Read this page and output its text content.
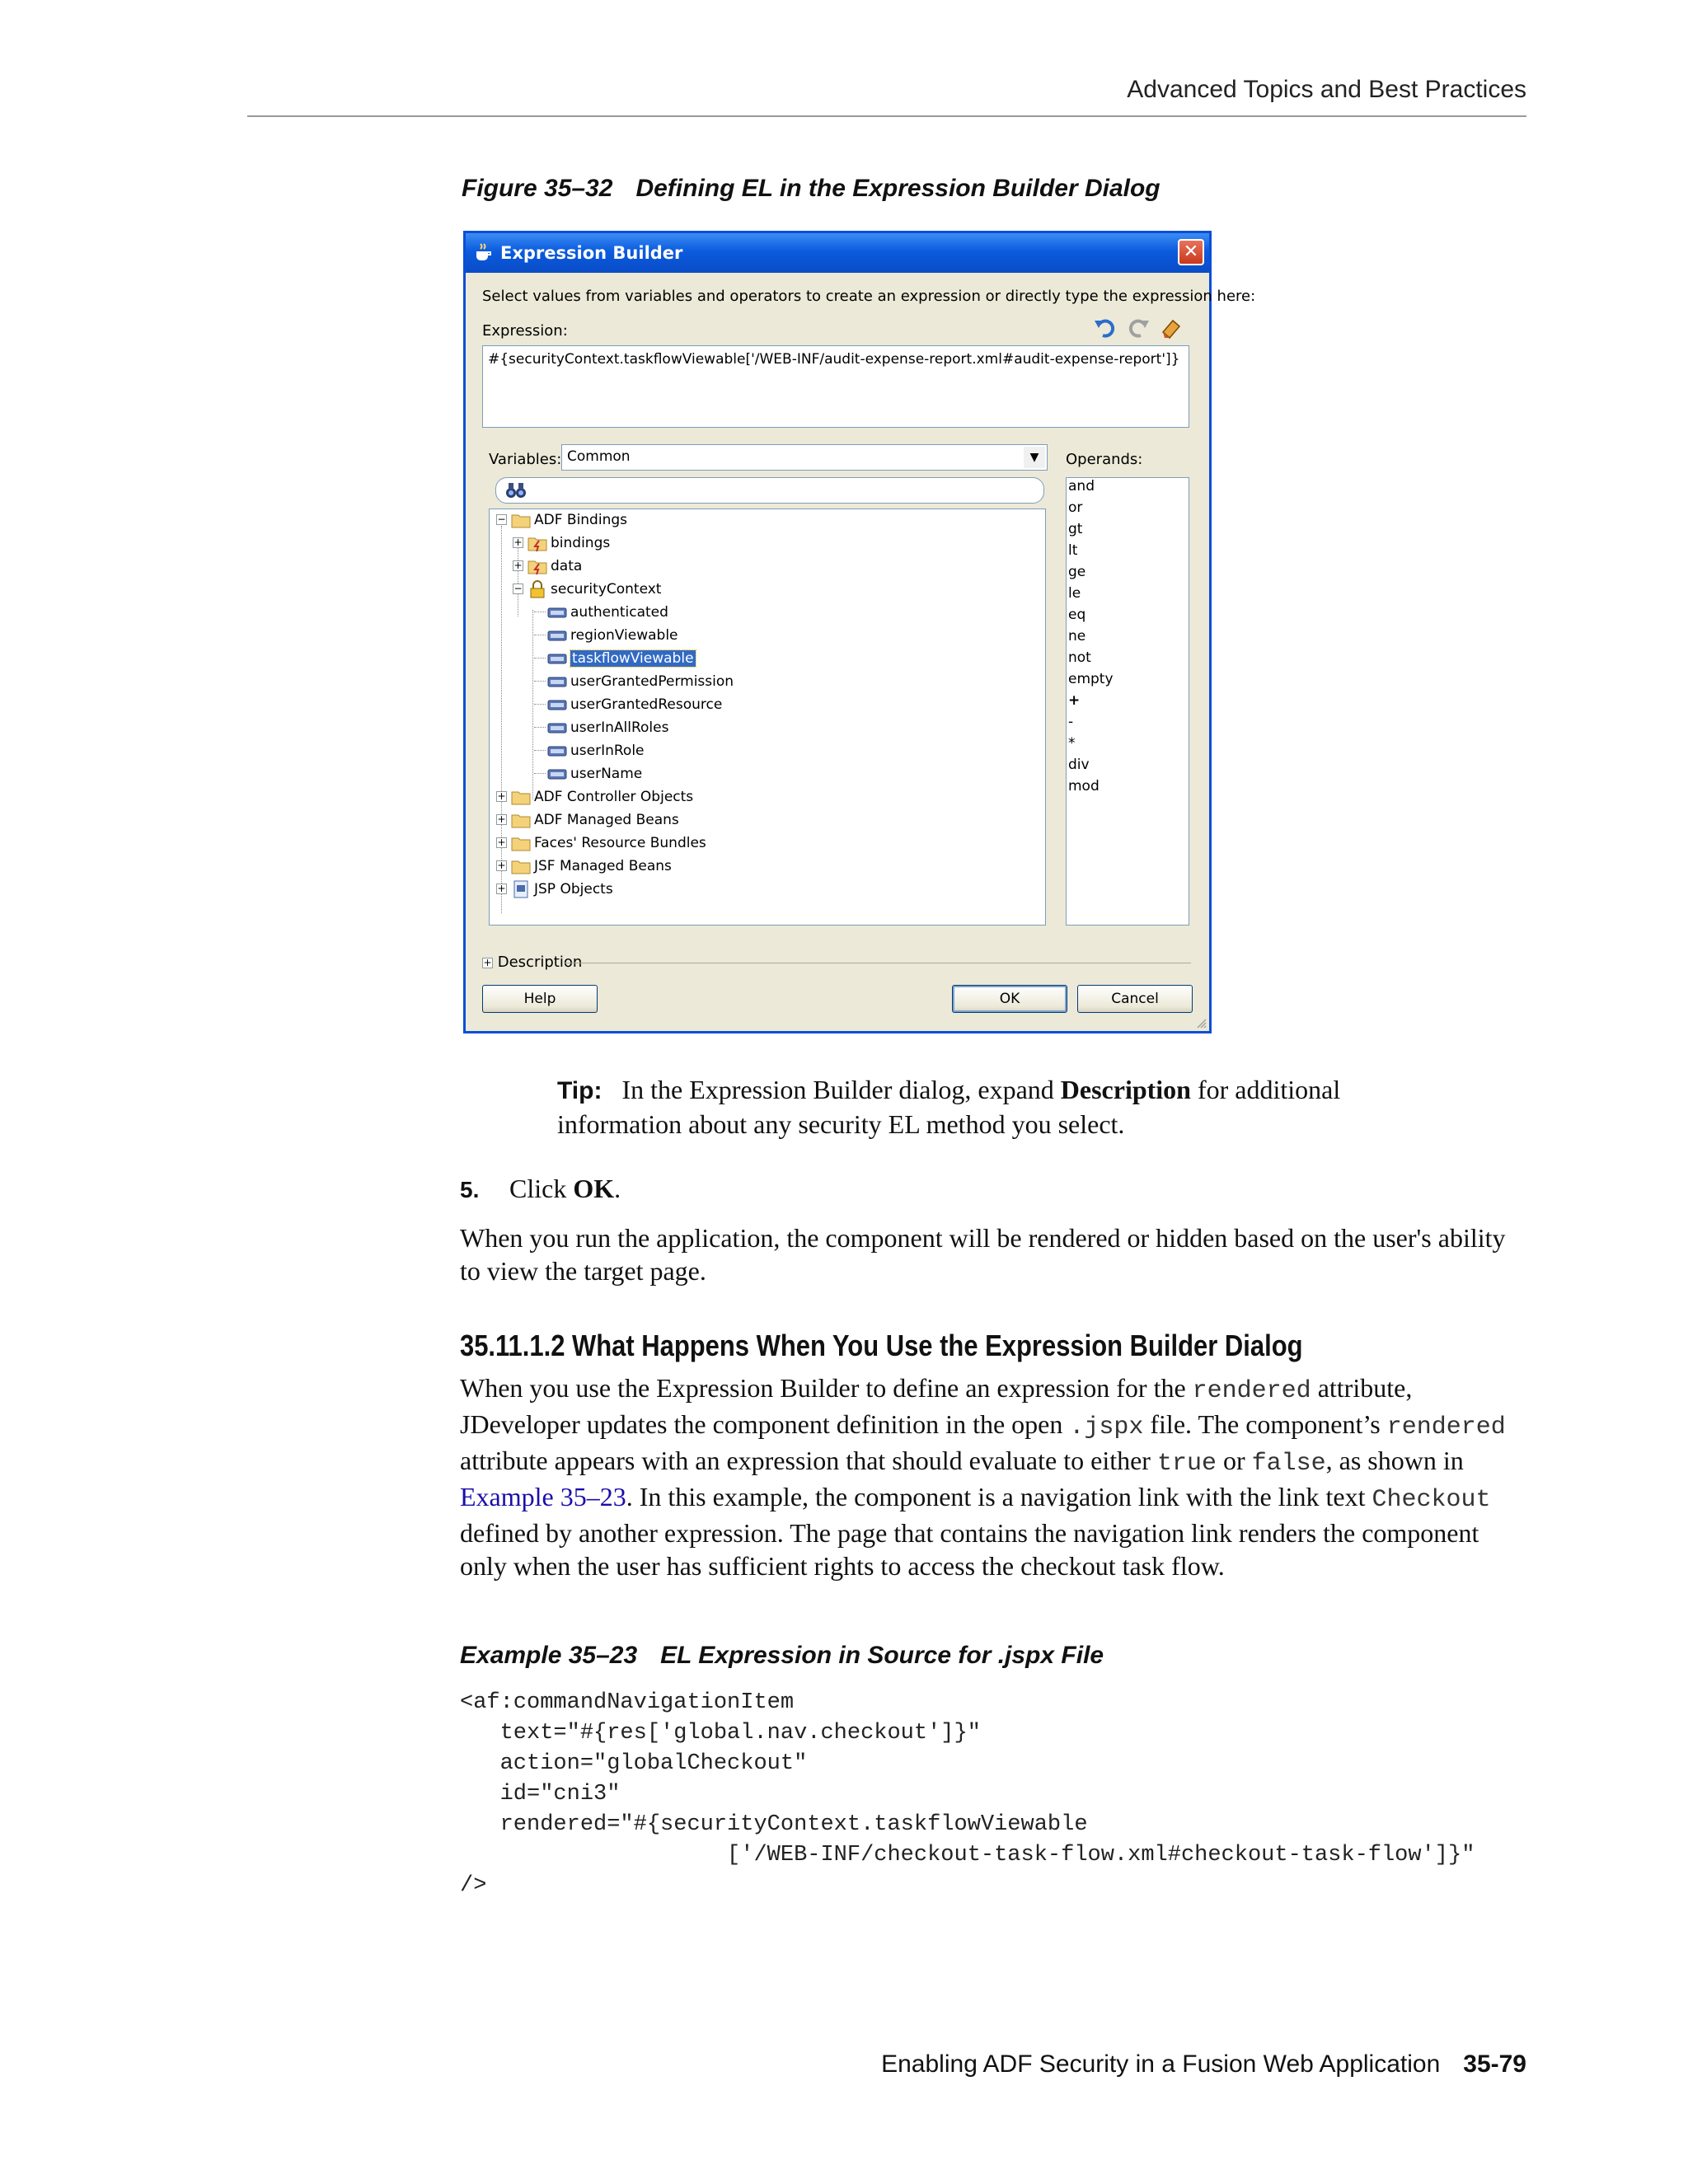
Advanced Topics and Best Practices
Figure 35–32 Defining EL in the Expression Builder Dialog
Expression Builder	✕
Select values from variables and operators to create an expression or directly type the expression here:
Expression:
#{securityContext.taskflowViewable['/WEB-INF/audit-expense-report.xml#audit-expense-report']}
Variables: Common	▼	Operands:
− ADF Bindings
+ bindings
+ data
− securityContext
authenticated
regionViewable
taskflowViewable
userGrantedPermission
userGrantedResource
userInAllRoles
userInRole
userName
+ ADF Controller Objects
+ ADF Managed Beans
+ Faces' Resource Bundles
+ JSF Managed Beans
+ JSP Objects
and
or
gt
lt
ge
le
eq
ne
not
empty
+
-
*
div
mod
+ Description
Help	OK	Cancel
Tip: In the Expression Builder dialog, expand Description for additional information about any security EL method you select.
5. Click OK.
When you run the application, the component will be rendered or hidden based on the user's ability to view the target page.
35.11.1.2 What Happens When You Use the Expression Builder Dialog
When you use the Expression Builder to define an expression for the rendered attribute, JDeveloper updates the component definition in the open .jspx file. The component’s rendered attribute appears with an expression that should evaluate to either true or false, as shown in Example 35–23. In this example, the component is a navigation link with the link text Checkout defined by another expression. The page that contains the navigation link renders the component only when the user has sufficient rights to access the checkout task flow.
Example 35–23 EL Expression in Source for .jspx File
<af:commandNavigationItem
text="#{res['global.nav.checkout']}"
action="globalCheckout"
id="cni3"
rendered="#{securityContext.taskflowViewable
['/WEB-INF/checkout-task-flow.xml#checkout-task-flow']}"
/>
Enabling ADF Security in a Fusion Web Application 35-79
